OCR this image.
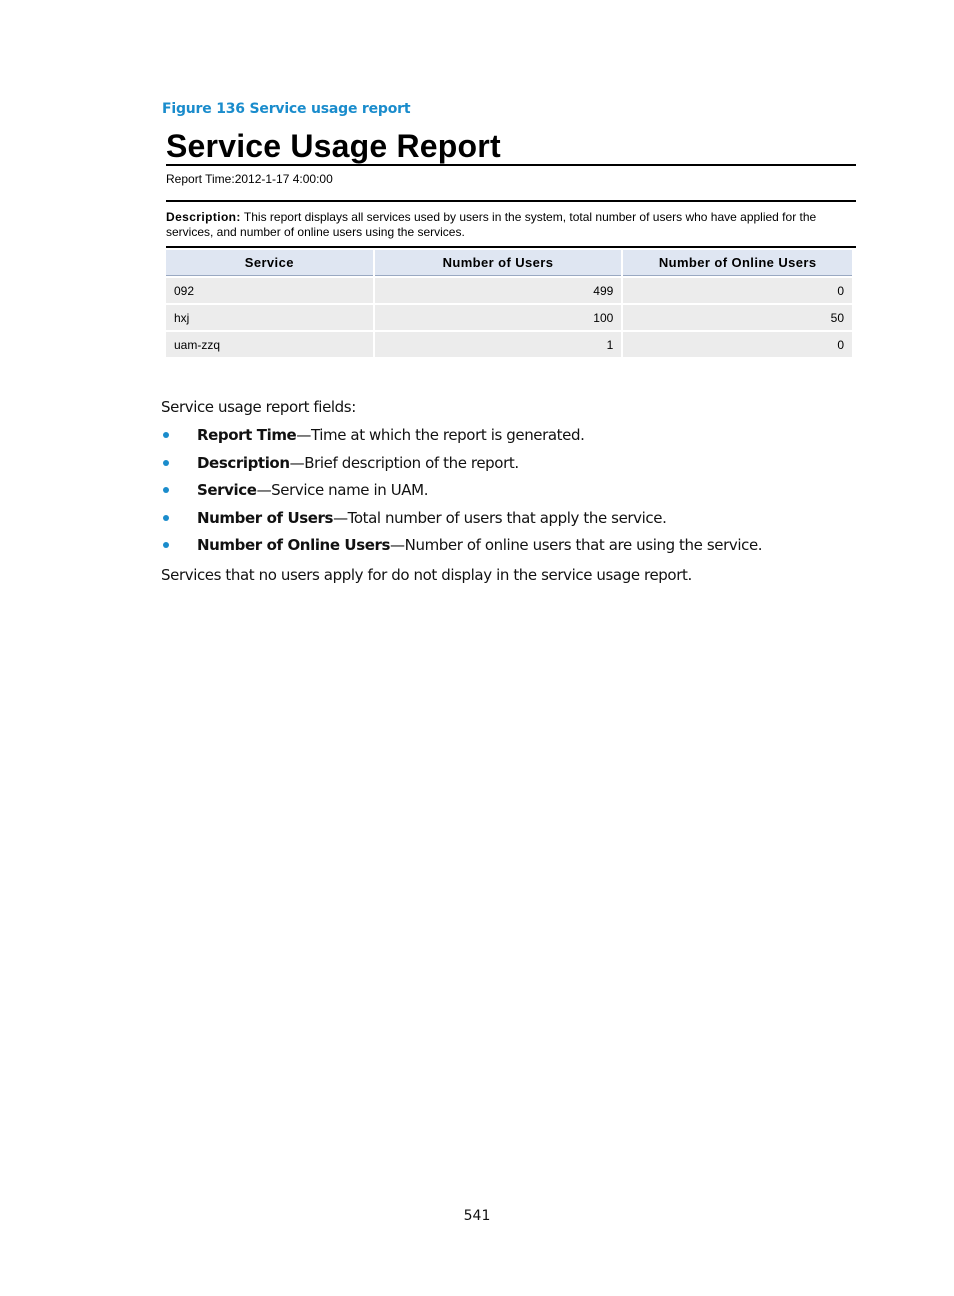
Figure 136 Service usage report
Service Usage Report
Report Time:2012-1-17 4:00:00
Description: This report displays all services used by users in the system, total number of users who have applied for the services, and number of online users using the services.
Service	Number of Users	Number of Online Users
092	499	0
hxj	100	50
uam-zzq	1	0
Service usage report fields:
Report Time—Time at which the report is generated.
Description—Brief description of the report.
Service—Service name in UAM.
Number of Users—Total number of users that apply the service.
Number of Online Users—Number of online users that are using the service.
Services that no users apply for do not display in the service usage report.
541
